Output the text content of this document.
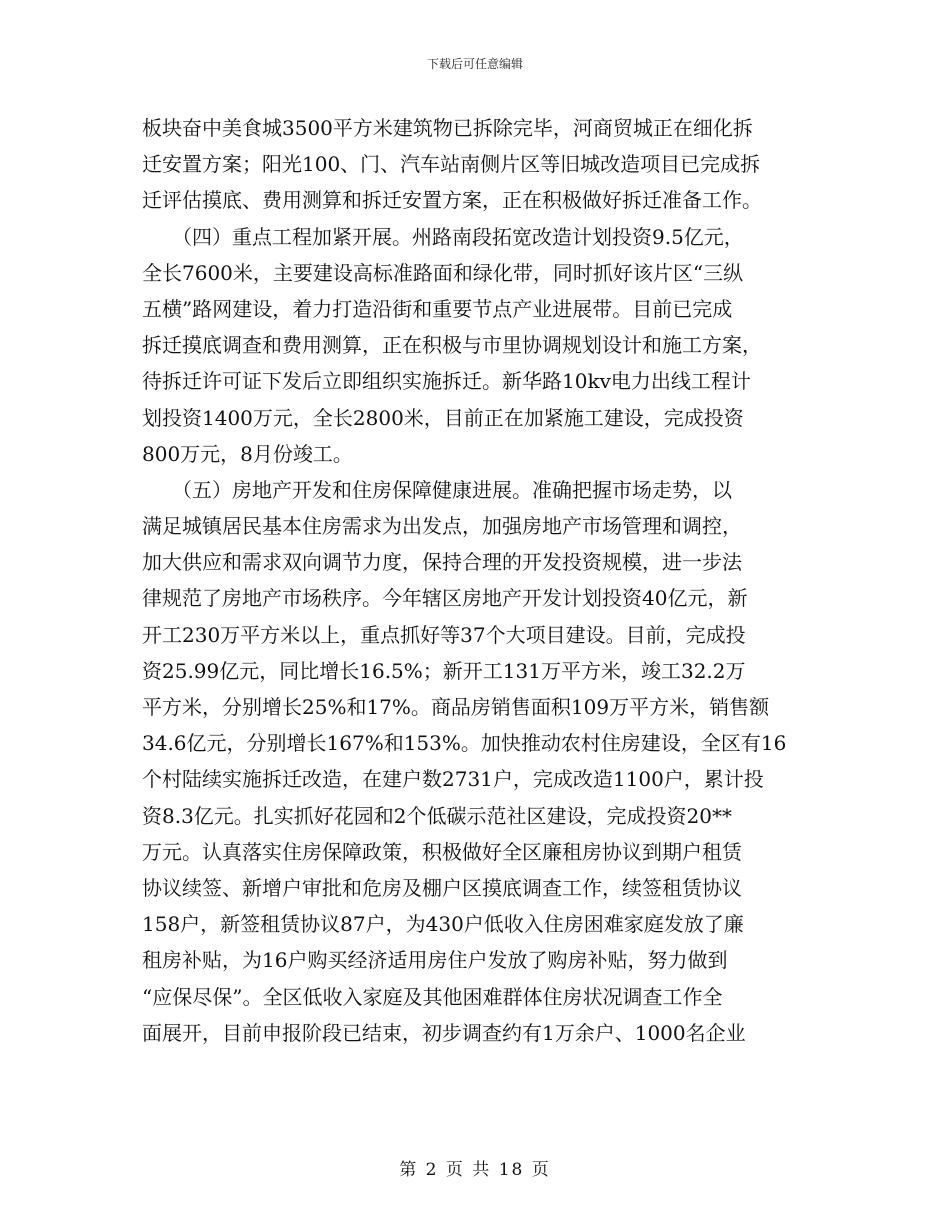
下载后可任意编辑
板块奋中美食城3500平方米建筑物已拆除完毕，河商贸城正在细化拆
迁安置方案；阳光100、门、汽车站南侧片区等旧城改造项目已完成拆
迁评估摸底、费用测算和拆迁安置方案，正在积极做好拆迁准备工作。
　　（四）重点工程加紧开展。州路南段拓宽改造计划投资9.5亿元，
全长7600米，主要建设高标准路面和绿化带，同时抓好该片区“三纵
五横”路网建设，着力打造沿街和重要节点产业进展带。目前已完成
拆迁摸底调查和费用测算，正在积极与市里协调规划设计和施工方案，
待拆迁许可证下发后立即组织实施拆迁。新华路10kv电力出线工程计
划投资1400万元，全长2800米，目前正在加紧施工建设，完成投资
800万元，8月份竣工。
　　（五）房地产开发和住房保障健康进展。准确把握市场走势，以
满足城镇居民基本住房需求为出发点，加强房地产市场管理和调控，
加大供应和需求双向调节力度，保持合理的开发投资规模，进一步法
律规范了房地产市场秩序。今年辖区房地产开发计划投资40亿元，新
开工230万平方米以上，重点抓好等37个大项目建设。目前，完成投
资25.99亿元，同比增长16.5%；新开工131万平方米，竣工32.2万
平方米，分别增长25%和17%。商品房销售面积109万平方米，销售额
34.6亿元，分别增长167%和153%。加快推动农村住房建设，全区有16
个村陆续实施拆迁改造，在建户数2731户，完成改造1100户，累计投
资8.3亿元。扎实抓好花园和2个低碳示范社区建设，完成投资20**
万元。认真落实住房保障政策，积极做好全区廉租房协议到期户租赁
协议续签、新增户审批和危房及棚户区摸底调查工作，续签租赁协议
158户，新签租赁协议87户，为430户低收入住房困难家庭发放了廉
租房补贴，为16户购买经济适用房住户发放了购房补贴，努力做到
“应保尽保”。全区低收入家庭及其他困难群体住房状况调查工作全
面展开，目前申报阶段已结束，初步调查约有1万余户、1000名企业
第 2 页 共 18 页
